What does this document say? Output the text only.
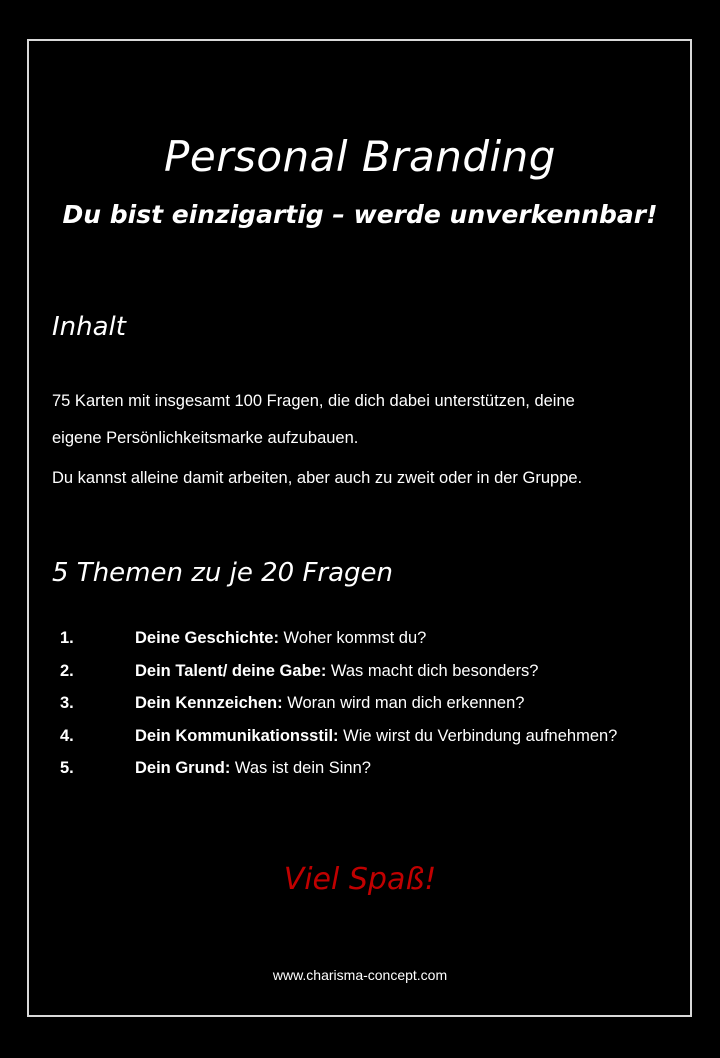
Personal Branding
Du bist einzigartig – werde unverkennbar!
Inhalt
75 Karten mit insgesamt 100 Fragen, die dich dabei unterstützen, deine
eigene Persönlichkeitsmarke aufzubauen.
Du kannst alleine damit arbeiten, aber auch zu zweit oder in der Gruppe.
5 Themen zu je 20 Fragen
1.	Deine Geschichte: Woher kommst du?
2.	Dein Talent/ deine Gabe: Was macht dich besonders?
3.	Dein Kennzeichen: Woran wird man dich erkennen?
4.	Dein Kommunikationsstil: Wie wirst du Verbindung aufnehmen?
5.	Dein Grund: Was ist dein Sinn?
Viel Spaß!
www.charisma-concept.com
